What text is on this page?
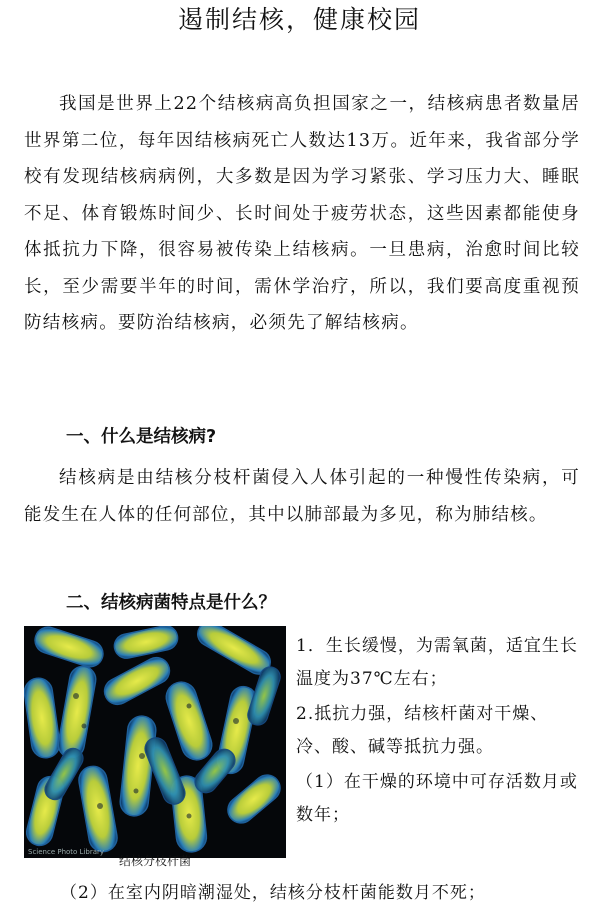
遏制结核，健康校园

我国是世界上22个结核病高负担国家之一，结核病患者数量居世界第二位，每年因结核病死亡人数达13万。近年来，我省部分学校有发现结核病病例，大多数是因为学习紧张、学习压力大、睡眠不足、体育锻炼时间少、长时间处于疲劳状态，这些因素都能使身体抵抗力下降，很容易被传染上结核病。一旦患病，治愈时间比较长，至少需要半年的时间，需休学治疗，所以，我们要高度重视预防结核病。要防治结核病，必须先了解结核病。

一、什么是结核病?

结核病是由结核分枝杆菌侵入人体引起的一种慢性传染病，可能发生在人体的任何部位，其中以肺部最为多见，称为肺结核。

二、结核病菌特点是什么？
Science Photo Library
结核分枝杆菌
1．生长缓慢，为需氧菌，适宜生长温度为37℃左右；
2.抵抗力强，结核杆菌对干燥、冷、酸、碱等抵抗力强。
（1）在干燥的环境中可存活数月或数年；
（2）在室内阴暗潮湿处，结核分枝杆菌能数月不死；
